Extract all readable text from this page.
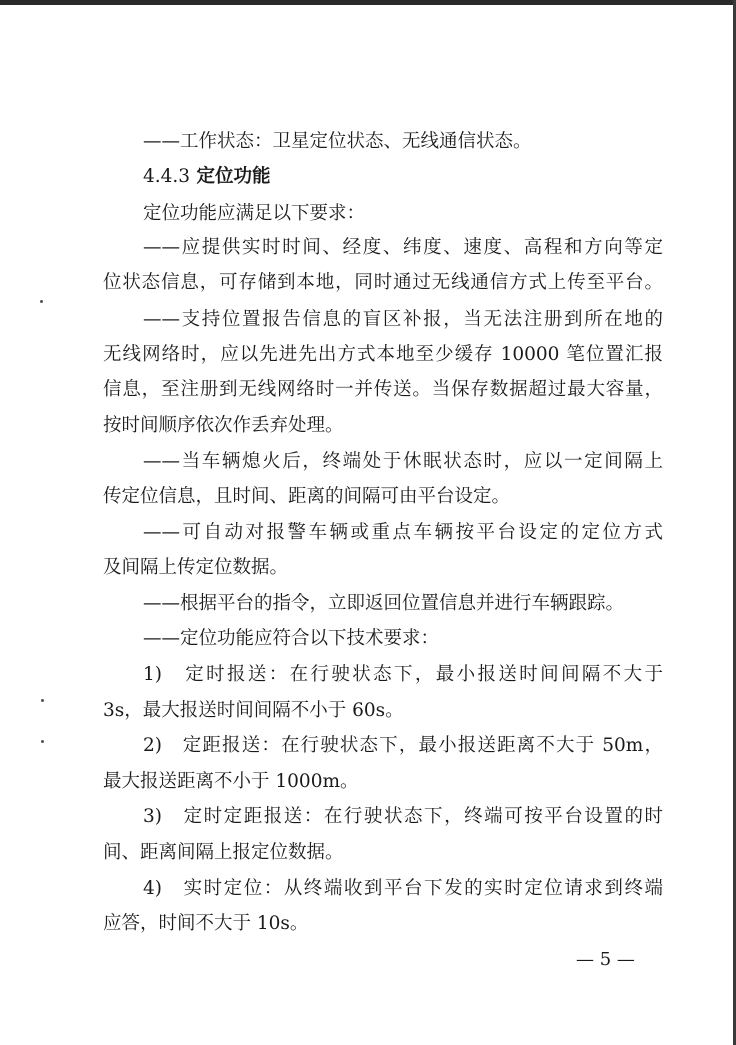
——工作状态：卫星定位状态、无线通信状态。
4.4.3 定位功能
定位功能应满足以下要求：
——应提供实时时间、经度、纬度、速度、高程和方向等定
位状态信息，可存储到本地，同时通过无线通信方式上传至平台。
——支持位置报告信息的盲区补报，当无法注册到所在地的
无线网络时，应以先进先出方式本地至少缓存 10000 笔位置汇报
信息，至注册到无线网络时一并传送。当保存数据超过最大容量，
按时间顺序依次作丢弃处理。
——当车辆熄火后，终端处于休眠状态时，应以一定间隔上
传定位信息，且时间、距离的间隔可由平台设定。
——可自动对报警车辆或重点车辆按平台设定的定位方式
及间隔上传定位数据。
——根据平台的指令，立即返回位置信息并进行车辆跟踪。
——定位功能应符合以下技术要求：
1)　定时报送：在行驶状态下，最小报送时间间隔不大于
3s，最大报送时间间隔不小于 60s。
2)　定距报送：在行驶状态下，最小报送距离不大于 50m，
最大报送距离不小于 1000m。
3)　定时定距报送：在行驶状态下，终端可按平台设置的时
间、距离间隔上报定位数据。
4)　实时定位：从终端收到平台下发的实时定位请求到终端
应答，时间不大于 10s。
— 5 —
